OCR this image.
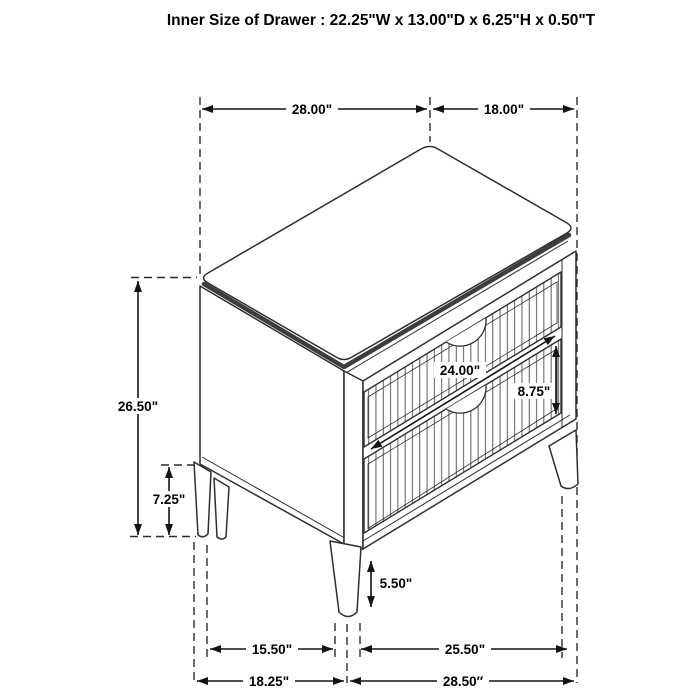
28.00"	18.00"
26.50"
7.25"
24.00"
8.75"
5.50"
15.50"	25.50"
18.25"	28.50″
Inner Size of Drawer : 22.25"W x 13.00"D x 6.25"H x 0.50"T
